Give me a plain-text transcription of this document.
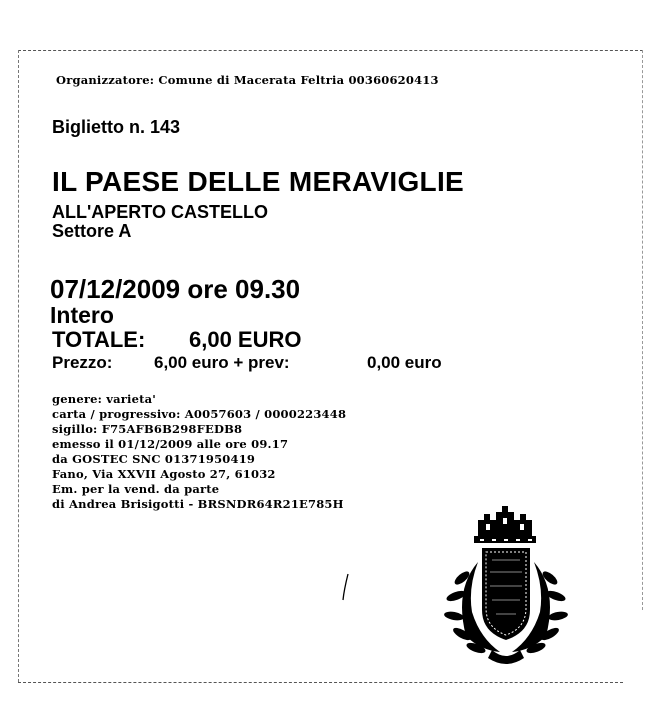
Organizzatore: Comune di Macerata Feltria 00360620413
Biglietto n. 143
IL PAESE DELLE MERAVIGLIE
ALL'APERTO CASTELLO
Settore A
07/12/2009 ore 09.30
Intero
TOTALE: 6,00 EURO
Prezzo: 6,00 euro + prev:	0,00 euro
genere: varieta'
carta / progressivo: A0057603 / 0000223448
sigillo: F75AFB6B298FEDB8
emesso il 01/12/2009 alle ore 09.17
da GOSTEC SNC 01371950419
Fano, Via XXVII Agosto 27, 61032
Em. per la vend. da parte
di Andrea Brisigotti - BRSNDR64R21E785H
